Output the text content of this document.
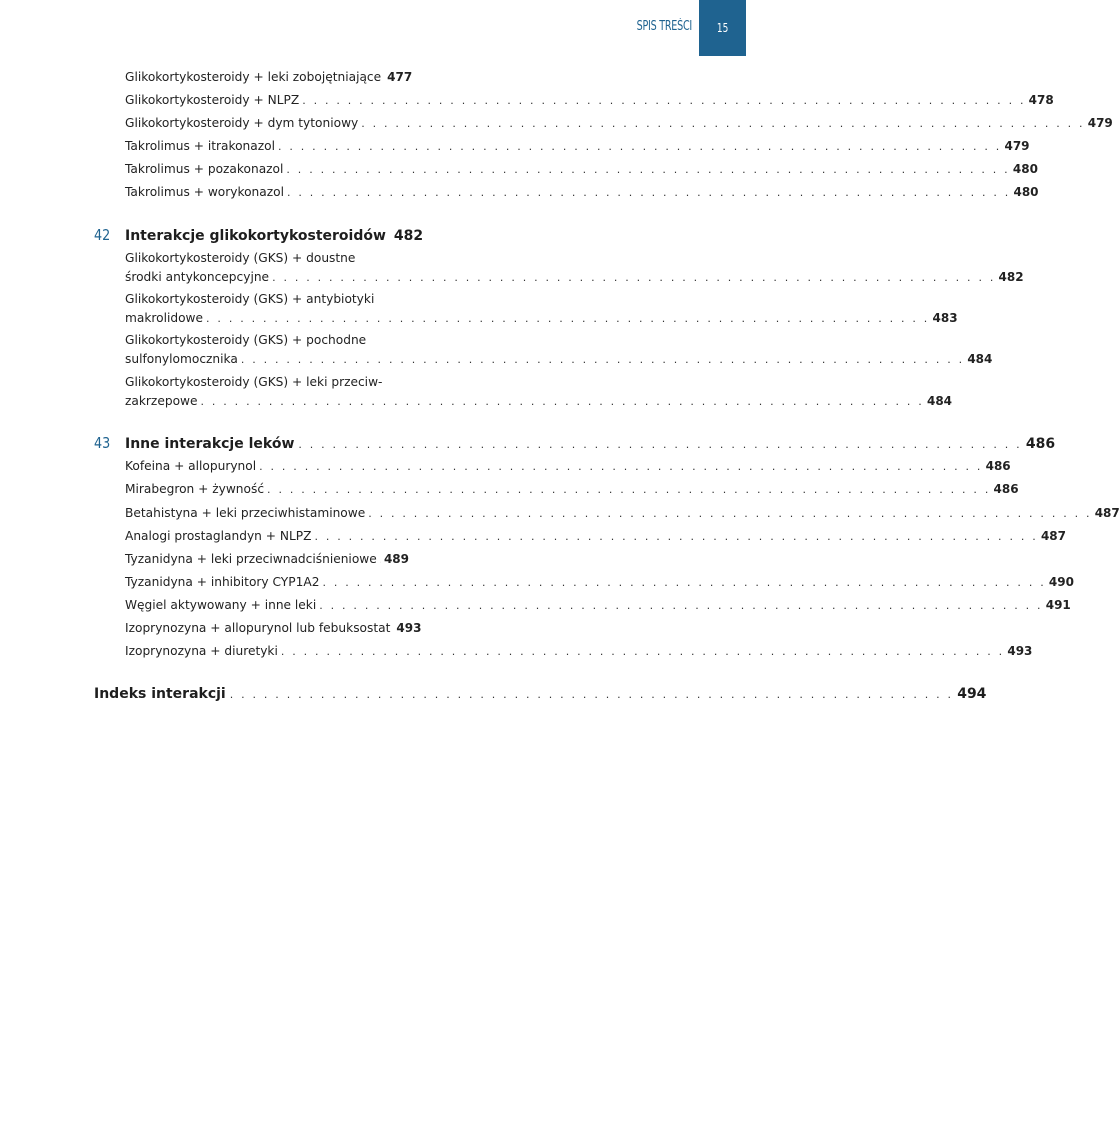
SPIS TREŚCI 15
Glikokortykosteroidy + leki zobojętniające 477
Glikokortykosteroidy + NLPZ . . . . . . . . . . . . . . . . . . . . . . . . . . . . . . . . . . . . . . . . . . . . . . . . . . . . . . . . . . . . . . . . 478
Glikokortykosteroidy + dym tytoniowy . . . . . . . . . . . . . . . . . . . . . . . . . . . . . . . . . . . . . . . . . . . . . . . . . . . . . . . . . . . . . . . . 479
Takrolimus + itrakonazol . . . . . . . . . . . . . . . . . . . . . . . . . . . . . . . . . . . . . . . . . . . . . . . . . . . . . . . . . . . . . . . . 479
Takrolimus + pozakonazol . . . . . . . . . . . . . . . . . . . . . . . . . . . . . . . . . . . . . . . . . . . . . . . . . . . . . . . . . . . . . . . . 480
Takrolimus + worykonazol . . . . . . . . . . . . . . . . . . . . . . . . . . . . . . . . . . . . . . . . . . . . . . . . . . . . . . . . . . . . . . . . 480
42	Interakcje glikokortykosteroidów 482
Glikokortykosteroidy (GKS) + doustne
środki antykoncepcyjne . . . . . . . . . . . . . . . . . . . . . . . . . . . . . . . . . . . . . . . . . . . . . . . . . . . . . . . . . . . . . . . . 482
Glikokortykosteroidy (GKS) + antybiotyki
makrolidowe . . . . . . . . . . . . . . . . . . . . . . . . . . . . . . . . . . . . . . . . . . . . . . . . . . . . . . . . . . . . . . . . 483
Glikokortykosteroidy (GKS) + pochodne
sulfonylomocznika . . . . . . . . . . . . . . . . . . . . . . . . . . . . . . . . . . . . . . . . . . . . . . . . . . . . . . . . . . . . . . . . 484
Glikokortykosteroidy (GKS) + leki przeciw-
zakrzepowe . . . . . . . . . . . . . . . . . . . . . . . . . . . . . . . . . . . . . . . . . . . . . . . . . . . . . . . . . . . . . . . . 484
43	Inne interakcje leków . . . . . . . . . . . . . . . . . . . . . . . . . . . . . . . . . . . . . . . . . . . . . . . . . . . . . . . . . . . . . . . . 486
Kofeina + allopurynol . . . . . . . . . . . . . . . . . . . . . . . . . . . . . . . . . . . . . . . . . . . . . . . . . . . . . . . . . . . . . . . . 486
Mirabegron + żywność . . . . . . . . . . . . . . . . . . . . . . . . . . . . . . . . . . . . . . . . . . . . . . . . . . . . . . . . . . . . . . . . 486
Betahistyna + leki przeciwhistaminowe . . . . . . . . . . . . . . . . . . . . . . . . . . . . . . . . . . . . . . . . . . . . . . . . . . . . . . . . . . . . . . . . 487
Analogi prostaglandyn + NLPZ . . . . . . . . . . . . . . . . . . . . . . . . . . . . . . . . . . . . . . . . . . . . . . . . . . . . . . . . . . . . . . . . 487
Tyzanidyna + leki przeciwnadciśnieniowe 489
Tyzanidyna + inhibitory CYP1A2 . . . . . . . . . . . . . . . . . . . . . . . . . . . . . . . . . . . . . . . . . . . . . . . . . . . . . . . . . . . . . . . . 490
Węgiel aktywowany + inne leki . . . . . . . . . . . . . . . . . . . . . . . . . . . . . . . . . . . . . . . . . . . . . . . . . . . . . . . . . . . . . . . . 491
Izoprynozyna + allopurynol lub febuksostat 493
Izoprynozyna + diuretyki . . . . . . . . . . . . . . . . . . . . . . . . . . . . . . . . . . . . . . . . . . . . . . . . . . . . . . . . . . . . . . . . 493
Indeks interakcji . . . . . . . . . . . . . . . . . . . . . . . . . . . . . . . . . . . . . . . . . . . . . . . . . . . . . . . . . . . . . . . . 494
